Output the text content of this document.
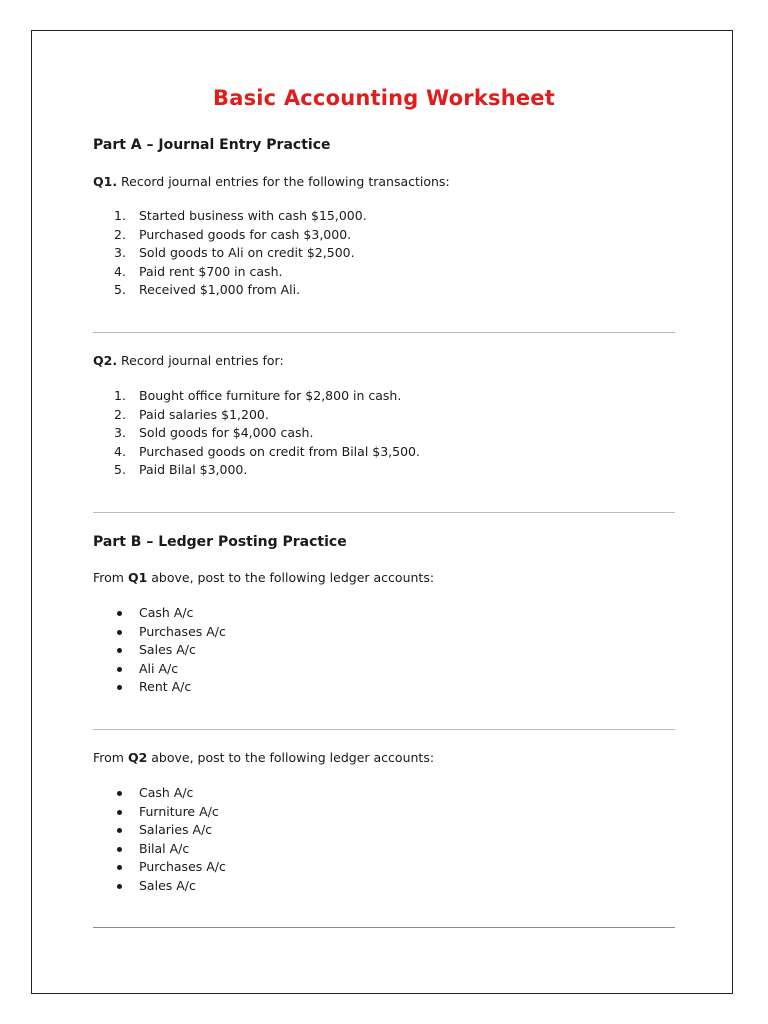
Basic Accounting Worksheet
Part A – Journal Entry Practice

Q1. Record journal entries for the following transactions:

1.	Started business with cash $15,000.
2.	Purchased goods for cash $3,000.
3.	Sold goods to Ali on credit $2,500.
4.	Paid rent $700 in cash.
5.	Received $1,000 from Ali.

Q2. Record journal entries for:

1.	Bought office furniture for $2,800 in cash.
2.	Paid salaries $1,200.
3.	Sold goods for $4,000 cash.
4.	Purchased goods on credit from Bilal $3,500.
5.	Paid Bilal $3,000.
Part B – Ledger Posting Practice

From Q1 above, post to the following ledger accounts:

Cash A/c
Purchases A/c
Sales A/c
Ali A/c
Rent A/c

From Q2 above, post to the following ledger accounts:

Cash A/c
Furniture A/c
Salaries A/c
Bilal A/c
Purchases A/c
Sales A/c
